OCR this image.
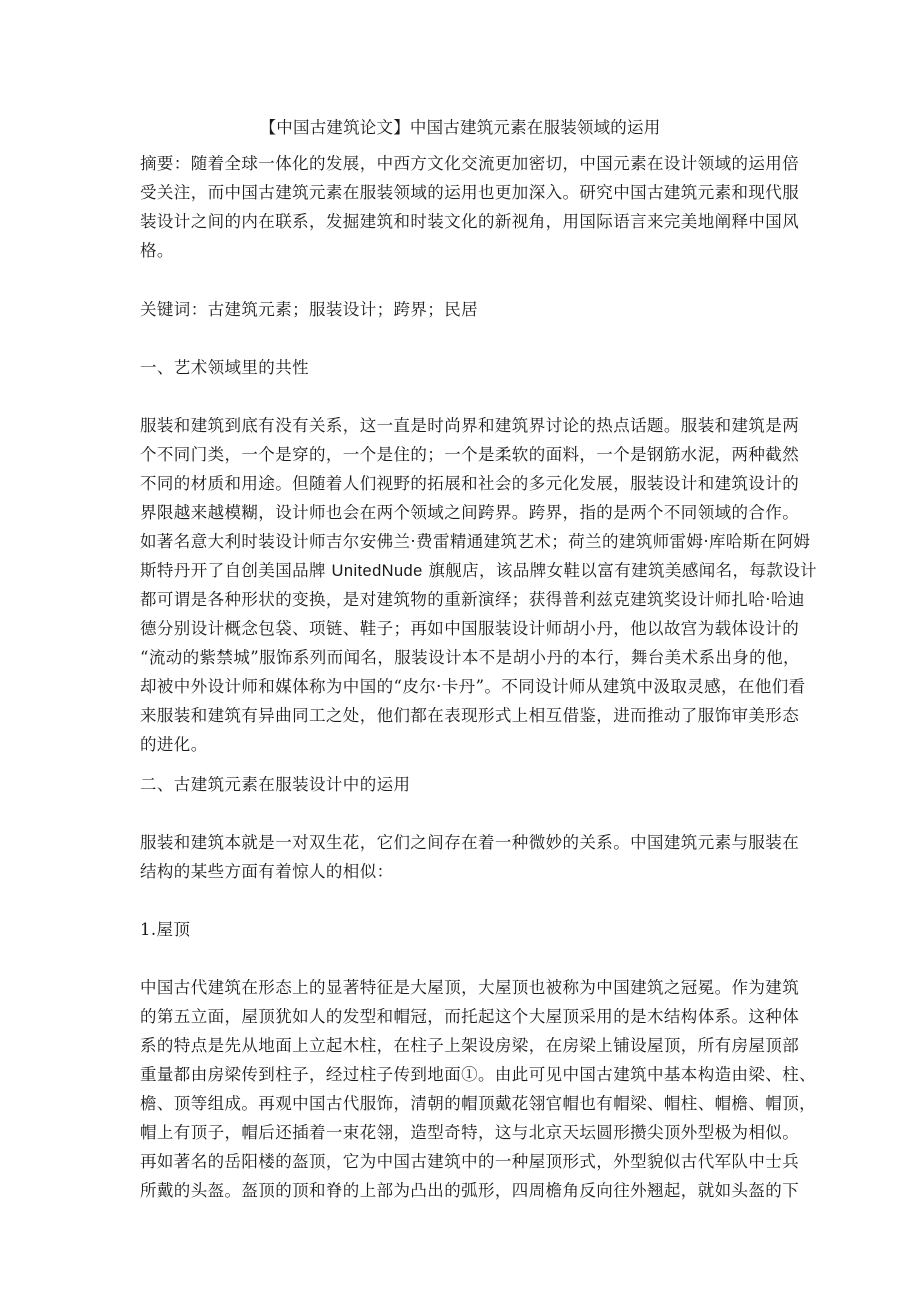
【中国古建筑论文】中国古建筑元素在服装领域的运用
摘要：随着全球一体化的发展，中西方文化交流更加密切，中国元素在设计领域的运用倍
受关注，而中国古建筑元素在服装领域的运用也更加深入。研究中国古建筑元素和现代服
装设计之间的内在联系，发掘建筑和时装文化的新视角，用国际语言来完美地阐释中国风
格。
关键词：古建筑元素；服装设计；跨界；民居
一、艺术领域里的共性
服装和建筑到底有没有关系，这一直是时尚界和建筑界讨论的热点话题。服装和建筑是两
个不同门类，一个是穿的，一个是住的；一个是柔软的面料，一个是钢筋水泥，两种截然
不同的材质和用途。但随着人们视野的拓展和社会的多元化发展，服装设计和建筑设计的
界限越来越模糊，设计师也会在两个领域之间跨界。跨界，指的是两个不同领域的合作。
如著名意大利时装设计师吉尔安佛兰·费雷精通建筑艺术；荷兰的建筑师雷姆·库哈斯在阿姆
斯特丹开了自创美国品牌 UnitedNude 旗舰店，该品牌女鞋以富有建筑美感闻名，每款设计
都可谓是各种形状的变换，是对建筑物的重新演绎；获得普利兹克建筑奖设计师扎哈·哈迪
德分别设计概念包袋、项链、鞋子；再如中国服装设计师胡小丹，他以故宫为载体设计的
“流动的紫禁城”服饰系列而闻名，服装设计本不是胡小丹的本行，舞台美术系出身的他，
却被中外设计师和媒体称为中国的“皮尔·卡丹”。不同设计师从建筑中汲取灵感，在他们看
来服装和建筑有异曲同工之处，他们都在表现形式上相互借鉴，进而推动了服饰审美形态
的进化。
二、古建筑元素在服装设计中的运用
服装和建筑本就是一对双生花，它们之间存在着一种微妙的关系。中国建筑元素与服装在
结构的某些方面有着惊人的相似：
1.屋顶
中国古代建筑在形态上的显著特征是大屋顶，大屋顶也被称为中国建筑之冠冕。作为建筑
的第五立面，屋顶犹如人的发型和帽冠，而托起这个大屋顶采用的是木结构体系。这种体
系的特点是先从地面上立起木柱，在柱子上架设房梁，在房梁上铺设屋顶，所有房屋顶部
重量都由房梁传到柱子，经过柱子传到地面①。由此可见中国古建筑中基本构造由梁、柱、
檐、顶等组成。再观中国古代服饰，清朝的帽顶戴花翎官帽也有帽梁、帽柱、帽檐、帽顶，
帽上有顶子，帽后还插着一束花翎，造型奇特，这与北京天坛圆形攒尖顶外型极为相似。
再如著名的岳阳楼的盔顶，它为中国古建筑中的一种屋顶形式，外型貌似古代军队中士兵
所戴的头盔。盔顶的顶和脊的上部为凸出的弧形，四周檐角反向往外翘起，就如头盔的下
